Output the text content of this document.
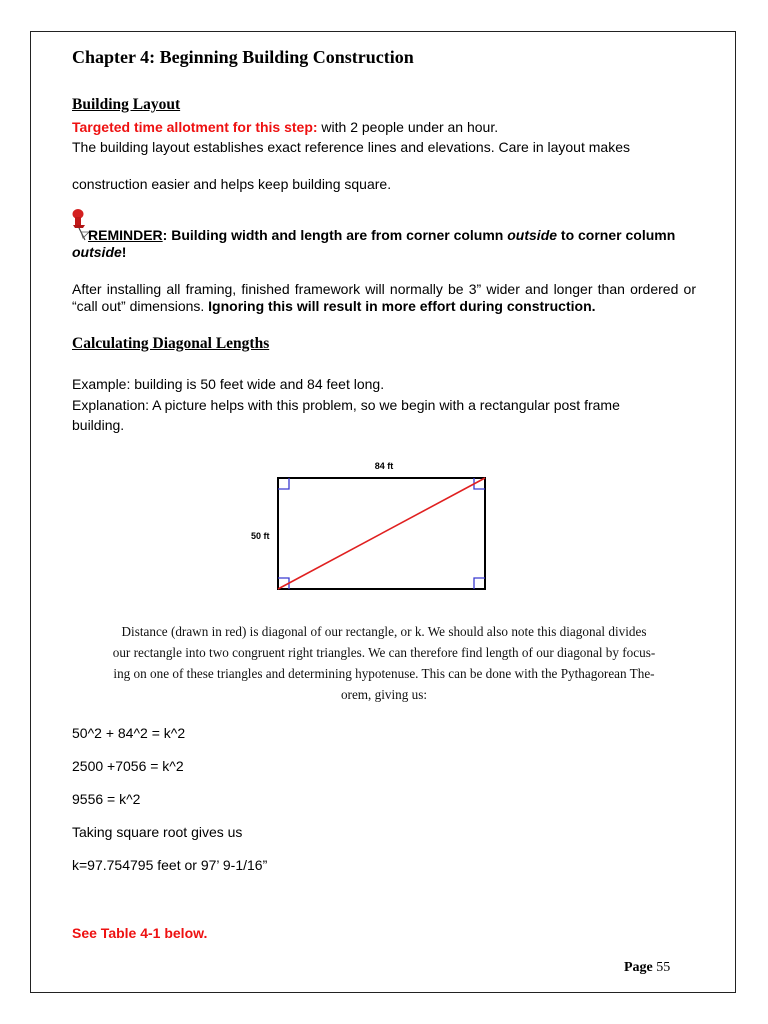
Chapter 4: Beginning Building Construction
Building Layout
Targeted time allotment for this step: with 2 people under an hour.
The building layout establishes exact reference lines and elevations. Care in layout makes
construction easier and helps keep building square.
REMINDER: Building width and length are from corner column outside to corner column outside!
After installing all framing, finished framework will normally be 3” wider and longer than ordered or “call out” dimensions. Ignoring this will result in more effort during construction.
Calculating Diagonal Lengths
Example: building is 50 feet wide and 84 feet long.
Explanation: A picture helps with this problem, so we begin with a rectangular post frame
building.
84 ft
50 ft
Distance (drawn in red) is diagonal of our rectangle, or k. We should also note this diagonal divides
our rectangle into two congruent right triangles. We can therefore find length of our diagonal by focus-
ing on one of these triangles and determining hypotenuse. This can be done with the Pythagorean The-
orem, giving us:
50^2 + 84^2 = k^2
2500 +7056 = k^2
9556 = k^2
Taking square root gives us
k=97.754795 feet or 97’ 9-1/16”
See Table 4-1 below.
Page 55
